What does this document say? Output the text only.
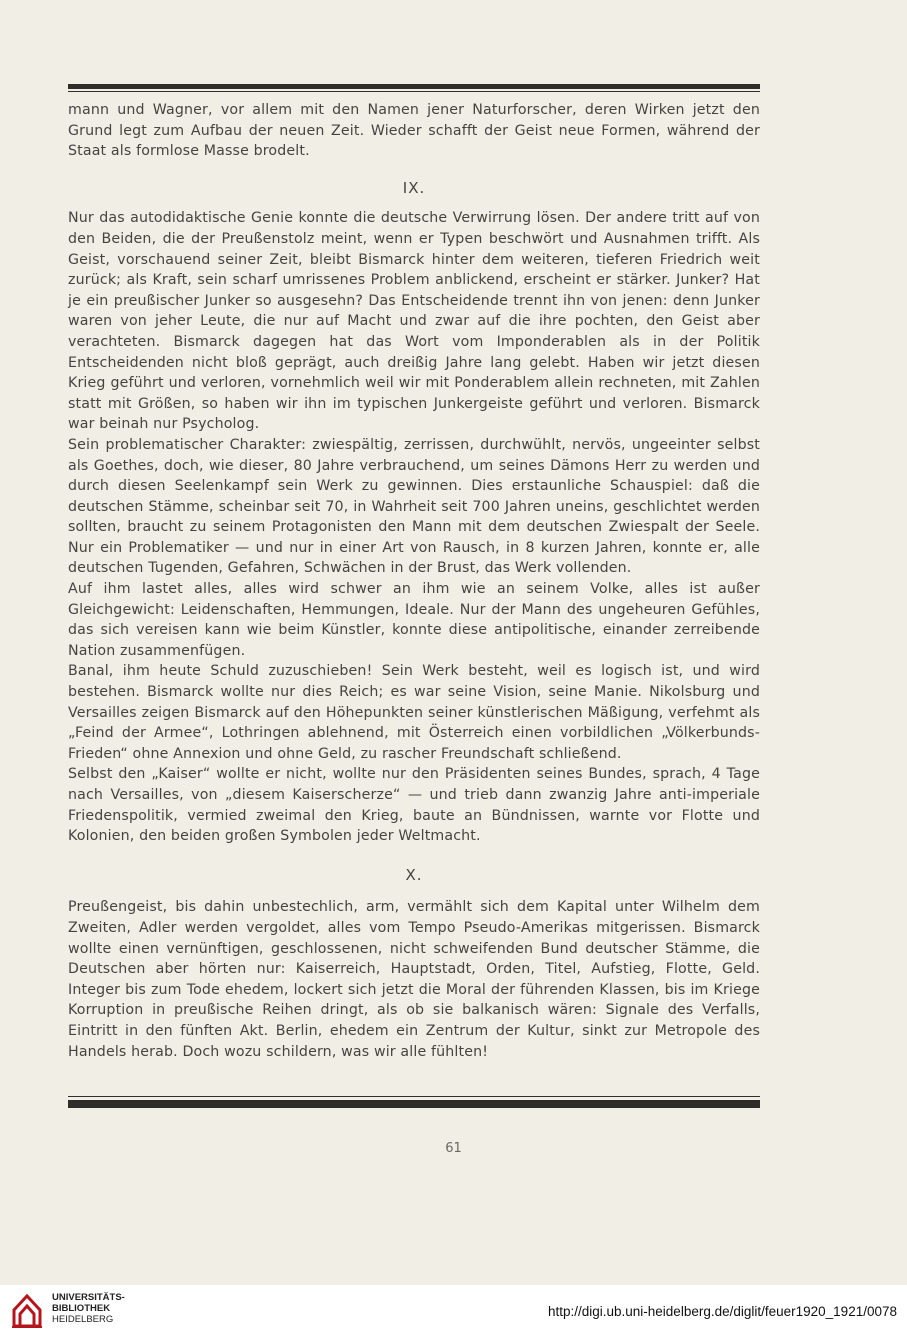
mann und Wagner, vor allem mit den Namen jener Naturforscher, deren Wirken jetzt den Grund legt zum Aufbau der neuen Zeit. Wieder schafft der Geist neue Formen, während der Staat als formlose Masse brodelt.

IX.

Nur das autodidaktische Genie konnte die deutsche Verwirrung lösen. Der andere tritt auf von den Beiden, die der Preußenstolz meint, wenn er Typen beschwört und Ausnahmen trifft. Als Geist, vorschauend seiner Zeit, bleibt Bismarck hinter dem weiteren, tieferen Friedrich weit zurück; als Kraft, sein scharf umrissenes Problem anblickend, erscheint er stärker. Junker? Hat je ein preußischer Junker so ausgesehn? Das Entscheidende trennt ihn von jenen: denn Junker waren von jeher Leute, die nur auf Macht und zwar auf die ihre pochten, den Geist aber verachteten. Bismarck dagegen hat das Wort vom Imponderablen als in der Politik Entscheidenden nicht bloß geprägt, auch dreißig Jahre lang gelebt. Haben wir jetzt diesen Krieg geführt und verloren, vornehmlich weil wir mit Ponderablem allein rechneten, mit Zahlen statt mit Größen, so haben wir ihn im typischen Junkergeiste geführt und verloren. Bismarck war beinah nur Psycholog.

Sein problematischer Charakter: zwiespältig, zerrissen, durchwühlt, nervös, ungeeinter selbst als Goethes, doch, wie dieser, 80 Jahre verbrauchend, um seines Dämons Herr zu werden und durch diesen Seelenkampf sein Werk zu gewinnen. Dies erstaunliche Schauspiel: daß die deutschen Stämme, scheinbar seit 70, in Wahrheit seit 700 Jahren uneins, geschlichtet werden sollten, braucht zu seinem Protagonisten den Mann mit dem deutschen Zwiespalt der Seele. Nur ein Problematiker — und nur in einer Art von Rausch, in 8 kurzen Jahren, konnte er, alle deutschen Tugenden, Gefahren, Schwächen in der Brust, das Werk vollenden.

Auf ihm lastet alles, alles wird schwer an ihm wie an seinem Volke, alles ist außer Gleichgewicht: Leidenschaften, Hemmungen, Ideale. Nur der Mann des ungeheuren Gefühles, das sich vereisen kann wie beim Künstler, konnte diese antipolitische, einander zerreibende Nation zusammenfügen.

Banal, ihm heute Schuld zuzuschieben! Sein Werk besteht, weil es logisch ist, und wird bestehen. Bismarck wollte nur dies Reich; es war seine Vision, seine Manie. Nikolsburg und Versailles zeigen Bismarck auf den Höhepunkten seiner künstlerischen Mäßigung, verfehmt als „Feind der Armee“, Lothringen ablehnend, mit Österreich einen vorbildlichen „Völkerbunds-Frieden“ ohne Annexion und ohne Geld, zu rascher Freundschaft schließend.

Selbst den „Kaiser“ wollte er nicht, wollte nur den Präsidenten seines Bundes, sprach, 4 Tage nach Versailles, von „diesem Kaiserscherze“ — und trieb dann zwanzig Jahre anti-imperiale Friedenspolitik, vermied zweimal den Krieg, baute an Bündnissen, warnte vor Flotte und Kolonien, den beiden großen Symbolen jeder Weltmacht.

X.

Preußengeist, bis dahin unbestechlich, arm, vermählt sich dem Kapital unter Wilhelm dem Zweiten, Adler werden vergoldet, alles vom Tempo Pseudo-Amerikas mitgerissen. Bismarck wollte einen vernünftigen, geschlossenen, nicht schweifenden Bund deutscher Stämme, die Deutschen aber hörten nur: Kaiserreich, Hauptstadt, Orden, Titel, Aufstieg, Flotte, Geld. Integer bis zum Tode ehedem, lockert sich jetzt die Moral der führenden Klassen, bis im Kriege Korruption in preußische Reihen dringt, als ob sie balkanisch wären: Signale des Verfalls, Eintritt in den fünften Akt. Berlin, ehedem ein Zentrum der Kultur, sinkt zur Metropole des Handels herab. Doch wozu schildern, was wir alle fühlten!

61
UNIVERSITÄTS-
BIBLIOTHEK
HEIDELBERG
http://digi.ub.uni-heidelberg.de/diglit/feuer1920_1921/0078
